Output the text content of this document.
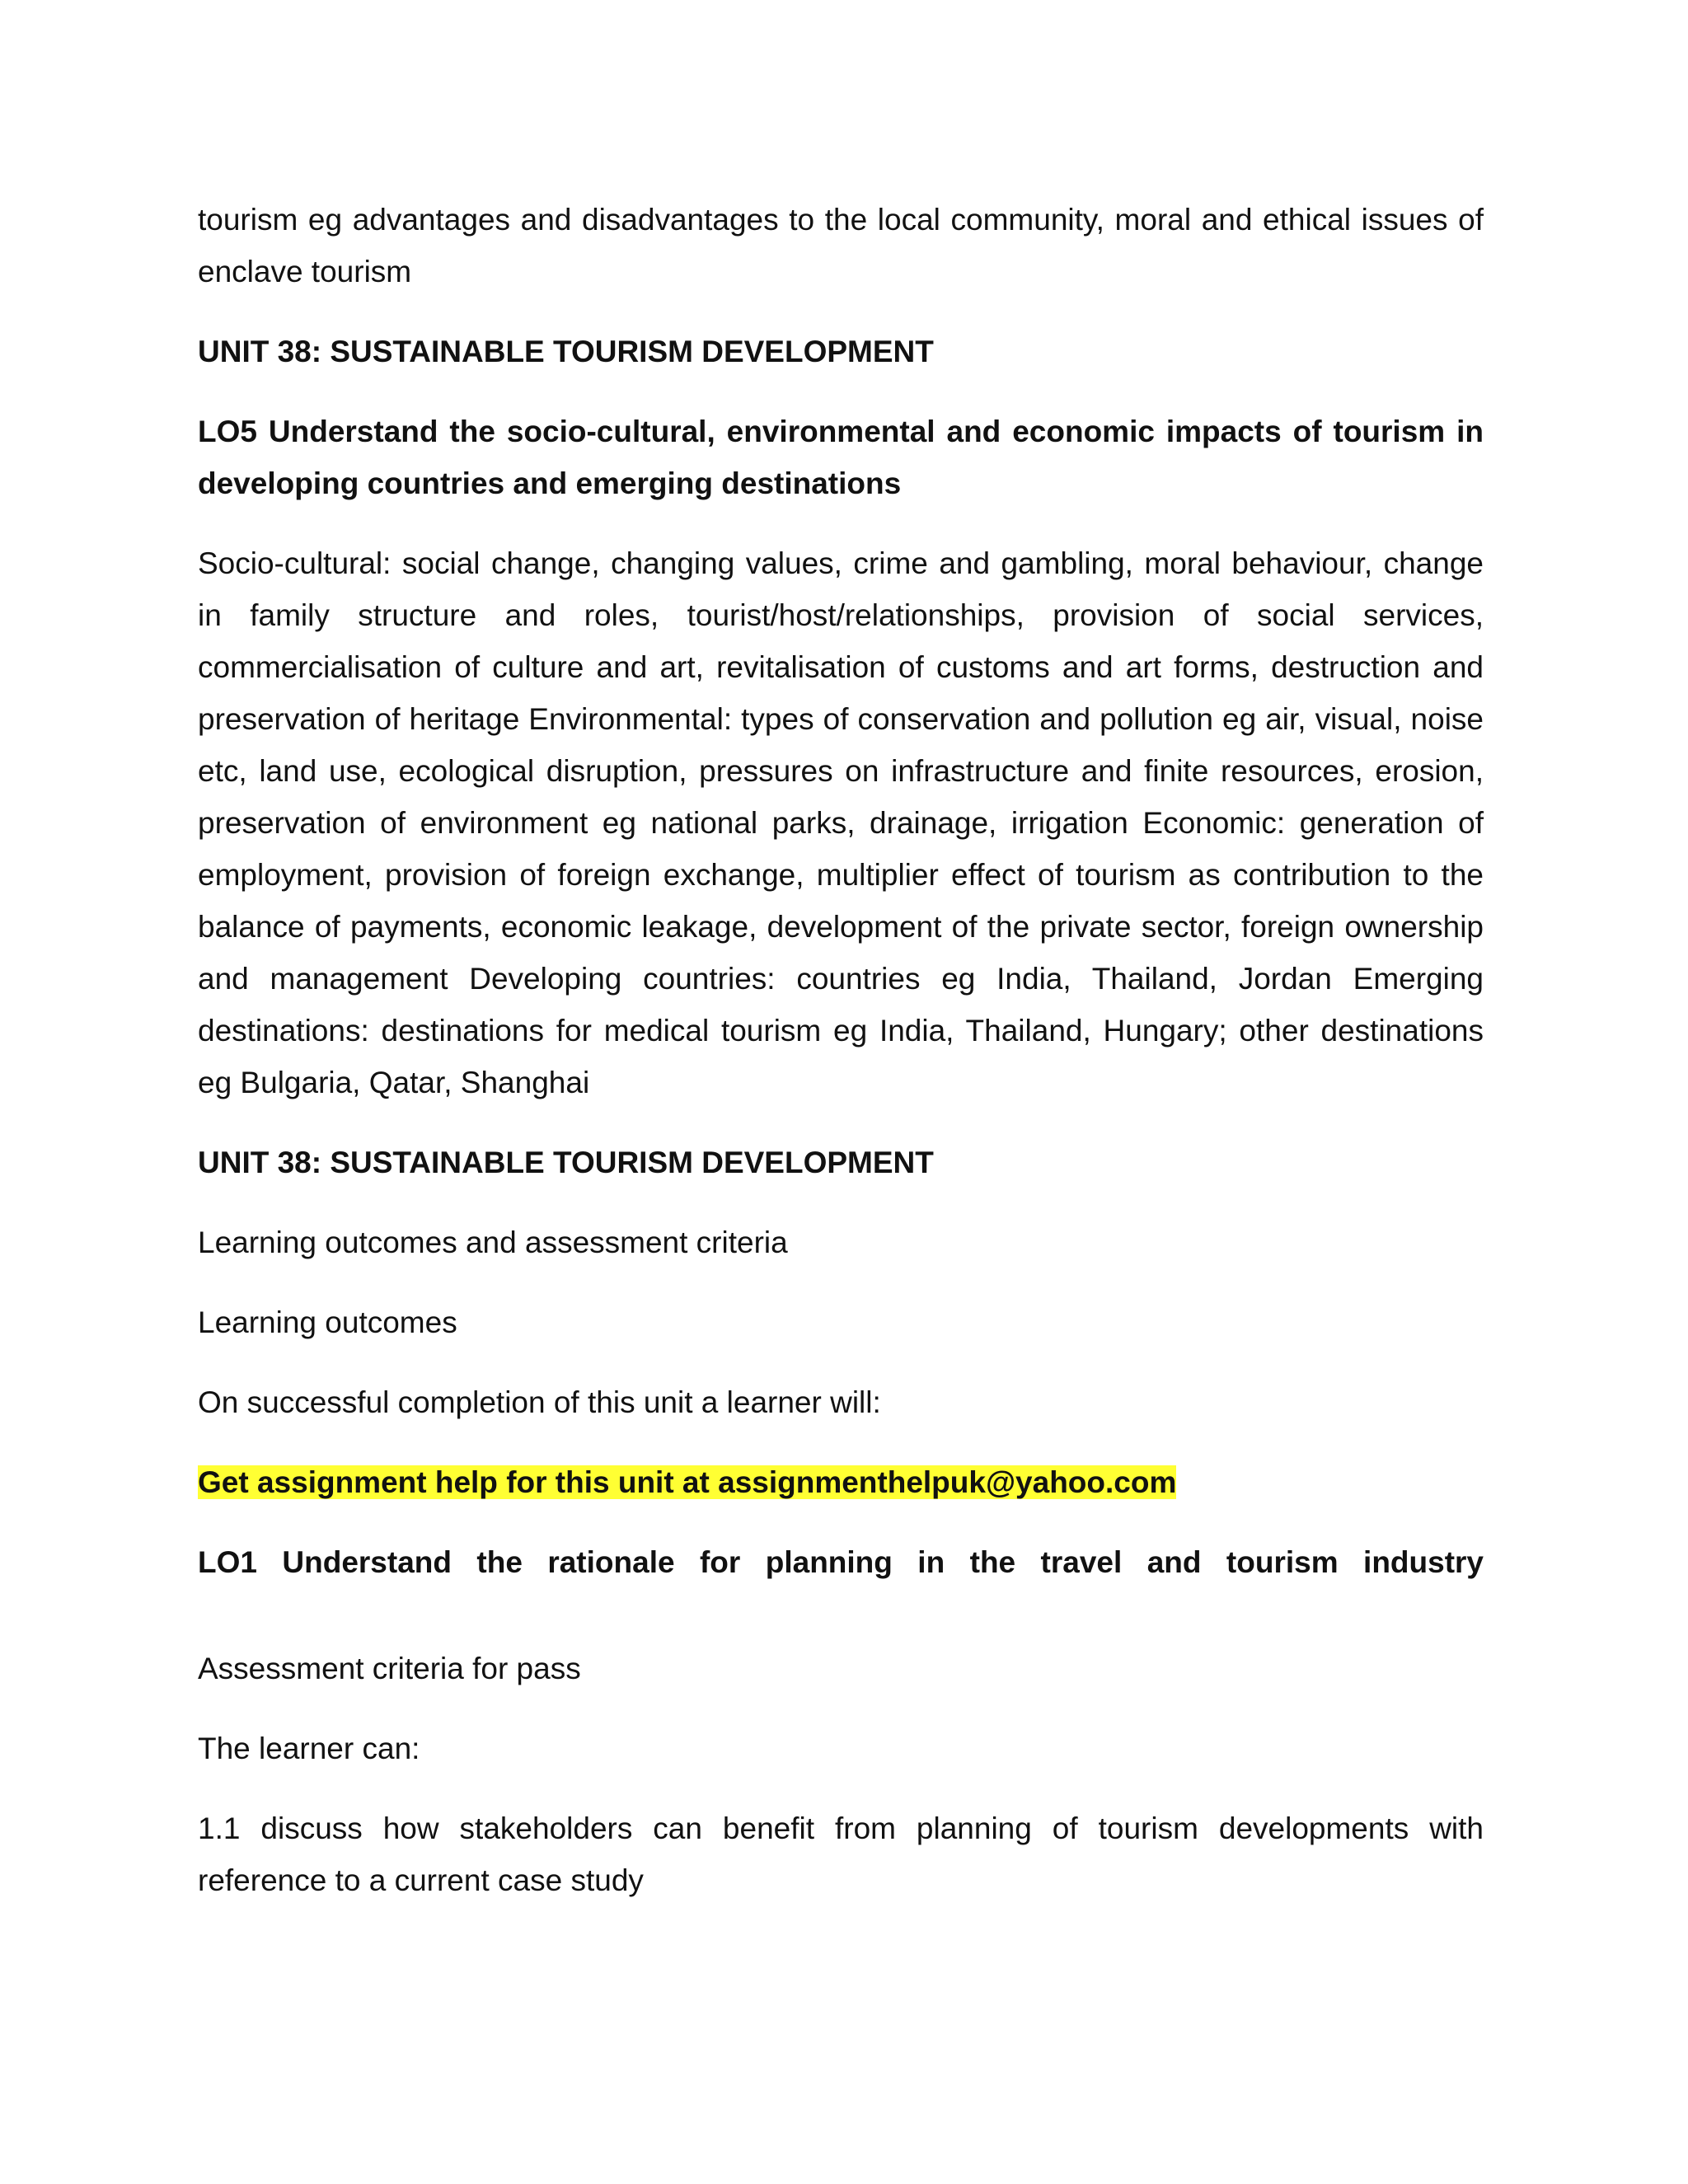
tourism eg advantages and disadvantages to the local community, moral and ethical issues of enclave tourism

UNIT 38: SUSTAINABLE TOURISM DEVELOPMENT

LO5 Understand the socio-cultural, environmental and economic impacts of tourism in developing countries and emerging destinations

Socio-cultural: social change, changing values, crime and gambling, moral behaviour, change in family structure and roles, tourist/host/relationships, provision of social services, commercialisation of culture and art, revitalisation of customs and art forms, destruction and preservation of heritage Environmental: types of conservation and pollution eg air, visual, noise etc, land use, ecological disruption, pressures on infrastructure and finite resources, erosion, preservation of environment eg national parks, drainage, irrigation Economic: generation of employment, provision of foreign exchange, multiplier effect of tourism as contribution to the balance of payments, economic leakage, development of the private sector, foreign ownership and management Developing countries: countries eg India, Thailand, Jordan Emerging destinations: destinations for medical tourism eg India, Thailand, Hungary; other destinations eg Bulgaria, Qatar, Shanghai

UNIT 38: SUSTAINABLE TOURISM DEVELOPMENT

Learning outcomes and assessment criteria

Learning outcomes

On successful completion of this unit a learner will:

Get assignment help for this unit at assignmenthelpuk@yahoo.com

LO1 Understand the rationale for planning in the travel and tourism industry

Assessment criteria for pass

The learner can:

1.1 discuss how stakeholders can benefit from planning of tourism developments with reference to a current case study
